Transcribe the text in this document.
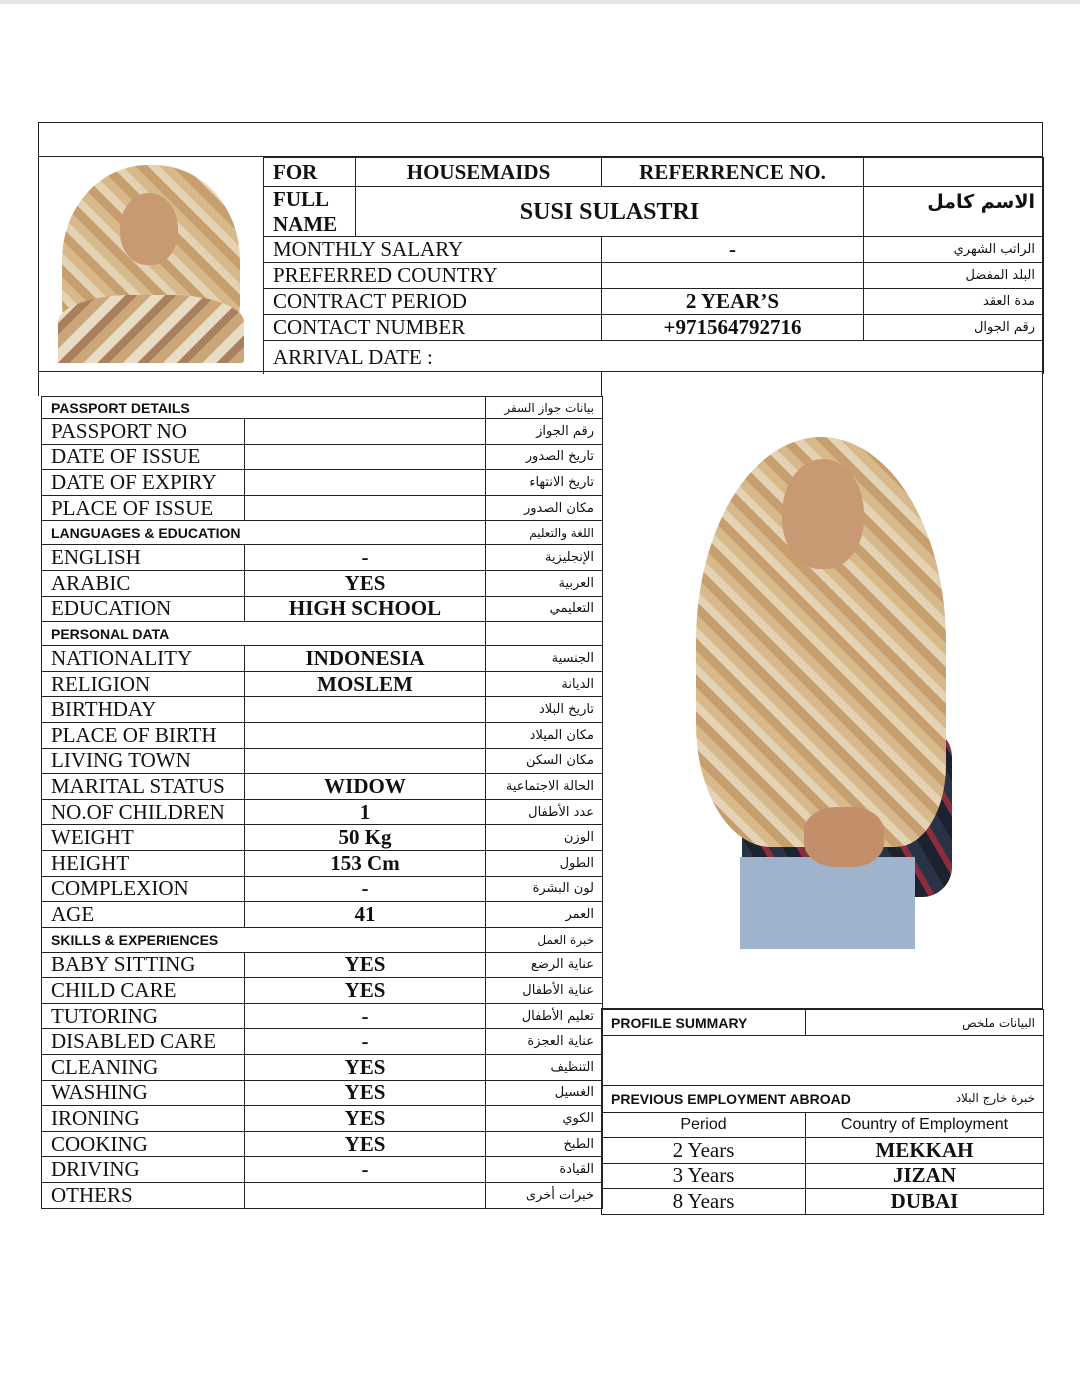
FOR	HOUSEMAIDS	REFERRENCE NO.	
FULL NAME	SUSI SULASTRI		الاسم كامل
MONTHLY SALARY		-	الراتب الشهري
PREFERRED COUNTRY			البلد المفضل
CONTRACT PERIOD		2 YEAR’S	مدة العقد
CONTACT NUMBER		+971564792716	رقم الجوال
ARRIVAL DATE :			
PASSPORT DETAILS		بيانات جواز السفر
PASSPORT NO		رقم الجواز
DATE OF ISSUE		تاريخ الصدور
DATE OF EXPIRY		تاريخ الانتهاء
PLACE OF ISSUE		مكان الصدور
LANGUAGES & EDUCATION		اللغة والتعليم
ENGLISH	-	الإنجليزية
ARABIC	YES	العربية
EDUCATION	HIGH SCHOOL	التعليمي
PERSONAL DATA		
NATIONALITY	INDONESIA	الجنسية
RELIGION	MOSLEM	الديانة
BIRTHDAY		تاريخ البلاد
PLACE OF BIRTH		مكان الميلاد
LIVING TOWN		مكان السكن
MARITAL STATUS	WIDOW	الحالة الاجتماعية
NO.OF CHILDREN	1	عدد الأطفال
WEIGHT	50 Kg	الوزن
HEIGHT	153 Cm	الطول
COMPLEXION	-	لون البشرة
AGE	41	العمر
SKILLS & EXPERIENCES		خبرة العمل
BABY SITTING	YES	عناية الرضع
CHILD CARE	YES	عناية الأطفال
TUTORING	-	تعليم الأطفال
DISABLED CARE	-	عناية العجزة
CLEANING	YES	التنظيف
WASHING	YES	الغسيل
IRONING	YES	الكوي
COOKING	YES	الطبخ
DRIVING	-	القيادة
OTHERS		خبرات أخرى
PROFILE SUMMARY	البيانات ملخص

PREVIOUS EMPLOYMENT ABROAD خبرة خارج البلاد	

Period	Country of Employment
2 Years	MEKKAH
3 Years	JIZAN
8 Years	DUBAI
